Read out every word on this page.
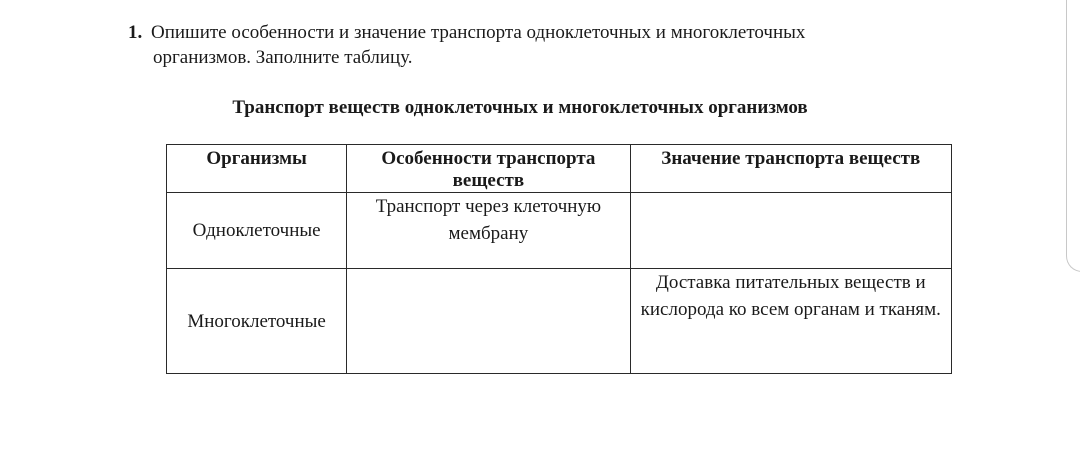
1. Опишите особенности и значение транспорта одноклеточных и многоклеточных
организмов. Заполните таблицу.
Транспорт веществ одноклеточных и многоклеточных организмов
Организмы	Особенности транспорта веществ	Значение транспорта веществ
Одноклеточные	Транспорт через клеточную мембрану	
Многоклеточные		Доставка питательных веществ и кислорода ко всем органам и тканям.
